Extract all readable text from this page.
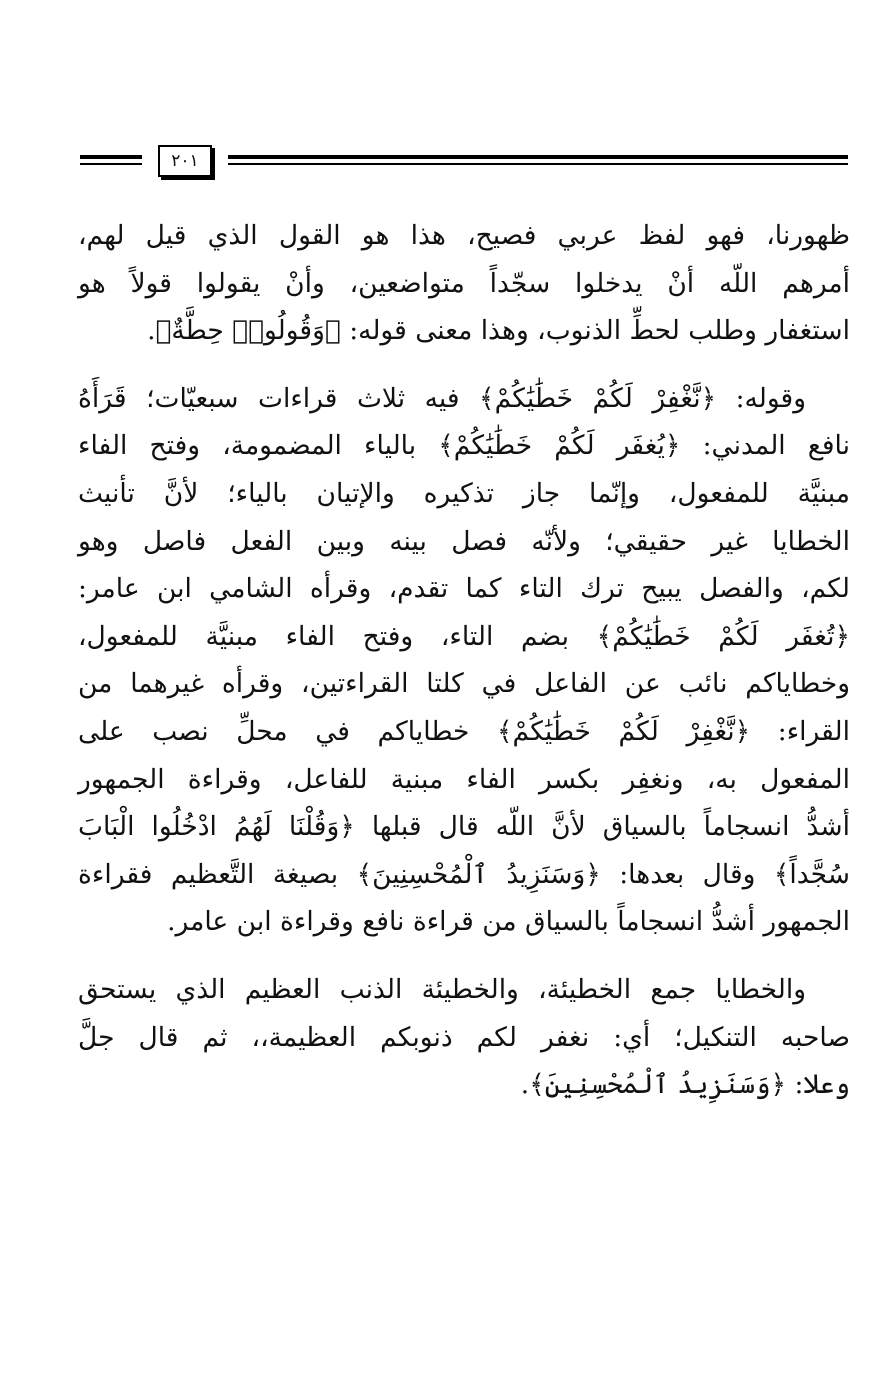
٢٠١

ظهورنا، فهو لفظ عربي فصيح، هذا هو القول الذي قيل لهم،
أمرهم اللّه أنْ يدخلوا سجّداً متواضعين، وأنْ يقولوا قولاً هو
استغفار وطلب لحطِّ الذنوب، وهذا معنى قوله: ﴿وَقُولُوا۟ حِطَّةٌ﴾.

وقوله: ﴿نَّغْفِرْ لَكُمْ خَطَٰيَٰكُمْ﴾ فيه ثلاث قراءات سبعيّات؛ قَرَأَهُ
نافع المدني: ﴿يُغفَر لَكُمْ خَطَٰيَٰكُمْ﴾ بالياء المضمومة، وفتح الفاء
مبنيَّة للمفعول، وإنّما جاز تذكيره والإتيان بالياء؛ لأنَّ تأنيث
الخطايا غير حقيقي؛ ولأنّه فصل بينه وبين الفعل فاصل وهو
لكم، والفصل يبيح ترك التاء كما تقدم، وقرأه الشامي ابن عامر:
﴿تُغفَر لَكُمْ خَطَٰيَٰكُمْ﴾ بضم التاء، وفتح الفاء مبنيَّة للمفعول،
وخطاياكم نائب عن الفاعل في كلتا القراءتين، وقرأه غيرهما من
القراء: ﴿نَّغْفِرْ لَكُمْ خَطَٰيَٰكُمْ﴾ خطاياكم في محلِّ نصب على
المفعول به، ونغفِر بكسر الفاء مبنية للفاعل، وقراءة الجمهور
أشدُّ انسجاماً بالسياق لأنَّ اللّه قال قبلها ﴿وَقُلْنَا لَهُمُ ادْخُلُوا الْبَابَ
سُجَّداً﴾ وقال بعدها: ﴿وَسَنَزِيدُ ٱلْمُحْسِنِينَ﴾ بصيغة التَّعظيم فقراءة
الجمهور أشدُّ انسجاماً بالسياق من قراءة نافع وقراءة ابن عامر.

والخطايا جمع الخطيئة، والخطيئة الذنب العظيم الذي يستحق
صاحبه التنكيل؛ أي: نغفر لكم ذنوبكم العظيمة،، ثم قال جلَّ
وعلا: ﴿وَسَنَزِيدُ ٱلْمُحْسِنِينَ﴾.
